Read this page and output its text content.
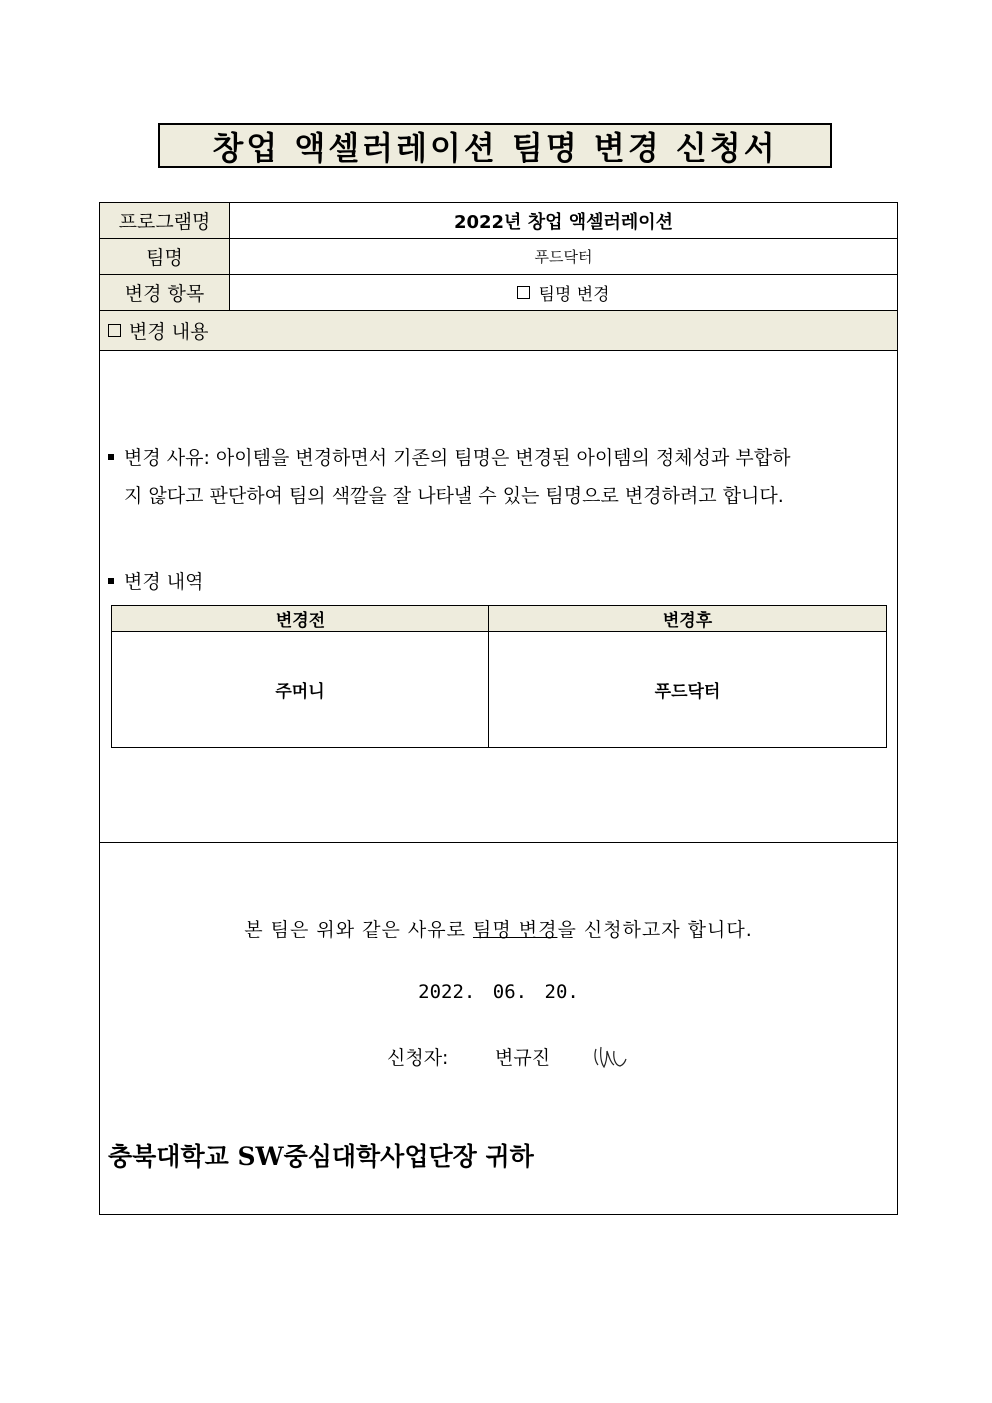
창업 액셀러레이션 팀명 변경 신청서
프로그램명	2022년 창업 액셀러레이션
팀명	푸드닥터
변경 항목	팀명 변경
변경 내용
변경 사유: 아이템을 변경하면서 기존의 팀명은 변경된 아이템의 정체성과 부합하
지 않다고 판단하여 팀의 색깔을 잘 나타낼 수 있는 팀명으로 변경하려고 합니다.
변경 내역
변경전	변경후
주머니	푸드닥터
본 팀은 위와 같은 사유로 팀명 변경을 신청하고자 합니다.
2022. 06. 20.
신청자: 변규진
충북대학교 SW중심대학사업단장 귀하
